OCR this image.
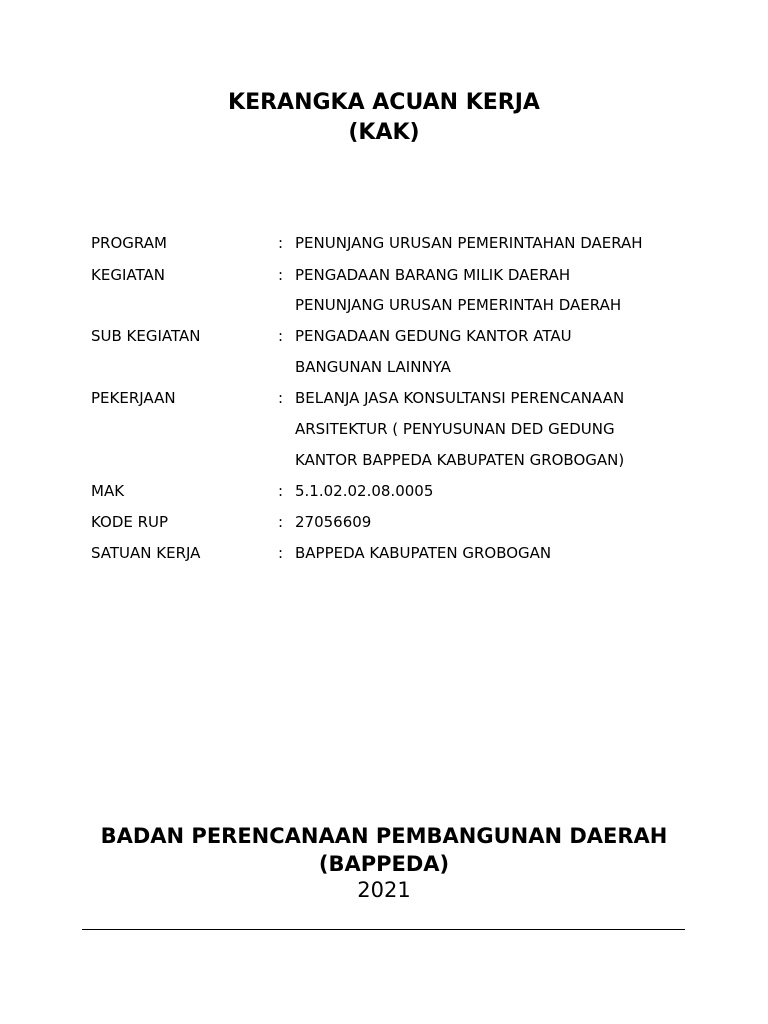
KERANGKA ACUAN KERJA
(KAK)
PROGRAM	: PENUNJANG URUSAN PEMERINTAHAN DAERAH
KEGIATAN	: PENGADAAN BARANG MILIK DAERAH
PENUNJANG URUSAN PEMERINTAH DAERAH
SUB KEGIATAN	: PENGADAAN GEDUNG KANTOR ATAU
BANGUNAN LAINNYA
PEKERJAAN	: BELANJA JASA KONSULTANSI PERENCANAAN
ARSITEKTUR ( PENYUSUNAN DED GEDUNG
KANTOR BAPPEDA KABUPATEN GROBOGAN)
MAK	: 5.1.02.02.08.0005
KODE RUP	: 27056609
SATUAN KERJA	: BAPPEDA KABUPATEN GROBOGAN
BADAN PERENCANAAN PEMBANGUNAN DAERAH
(BAPPEDA)
2021
